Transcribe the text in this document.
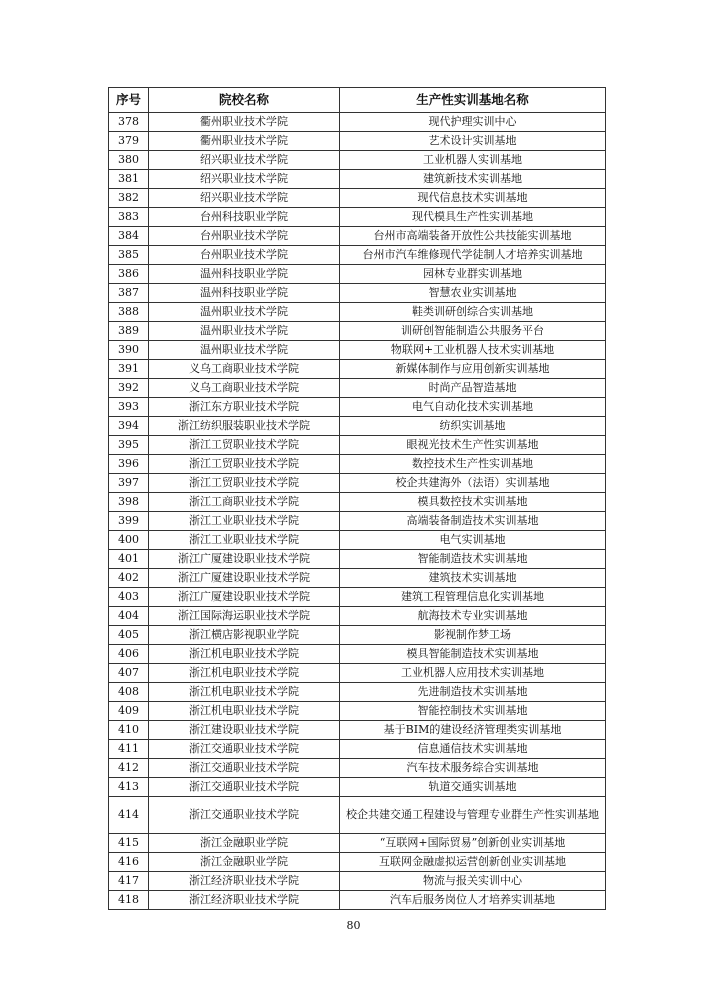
序号	院校名称	生产性实训基地名称
378	衢州职业技术学院	现代护理实训中心
379	衢州职业技术学院	艺术设计实训基地
380	绍兴职业技术学院	工业机器人实训基地
381	绍兴职业技术学院	建筑新技术实训基地
382	绍兴职业技术学院	现代信息技术实训基地
383	台州科技职业学院	现代模具生产性实训基地
384	台州职业技术学院	台州市高端装备开放性公共技能实训基地
385	台州职业技术学院	台州市汽车维修现代学徒制人才培养实训基地
386	温州科技职业学院	园林专业群实训基地
387	温州科技职业学院	智慧农业实训基地
388	温州职业技术学院	鞋类训研创综合实训基地
389	温州职业技术学院	训研创智能制造公共服务平台
390	温州职业技术学院	物联网+工业机器人技术实训基地
391	义乌工商职业技术学院	新媒体制作与应用创新实训基地
392	义乌工商职业技术学院	时尚产品智造基地
393	浙江东方职业技术学院	电气自动化技术实训基地
394	浙江纺织服装职业技术学院	纺织实训基地
395	浙江工贸职业技术学院	眼视光技术生产性实训基地
396	浙江工贸职业技术学院	数控技术生产性实训基地
397	浙江工贸职业技术学院	校企共建海外（法语）实训基地
398	浙江工商职业技术学院	模具数控技术实训基地
399	浙江工业职业技术学院	高端装备制造技术实训基地
400	浙江工业职业技术学院	电气实训基地
401	浙江广厦建设职业技术学院	智能制造技术实训基地
402	浙江广厦建设职业技术学院	建筑技术实训基地
403	浙江广厦建设职业技术学院	建筑工程管理信息化实训基地
404	浙江国际海运职业技术学院	航海技术专业实训基地
405	浙江横店影视职业学院	影视制作梦工场
406	浙江机电职业技术学院	模具智能制造技术实训基地
407	浙江机电职业技术学院	工业机器人应用技术实训基地
408	浙江机电职业技术学院	先进制造技术实训基地
409	浙江机电职业技术学院	智能控制技术实训基地
410	浙江建设职业技术学院	基于BIM的建设经济管理类实训基地
411	浙江交通职业技术学院	信息通信技术实训基地
412	浙江交通职业技术学院	汽车技术服务综合实训基地
413	浙江交通职业技术学院	轨道交通实训基地
414	浙江交通职业技术学院	校企共建交通工程建设与管理专业群生产性实训基地
415	浙江金融职业学院	“互联网+国际贸易”创新创业实训基地
416	浙江金融职业学院	互联网金融虚拟运营创新创业实训基地
417	浙江经济职业技术学院	物流与报关实训中心
418	浙江经济职业技术学院	汽车后服务岗位人才培养实训基地
80
